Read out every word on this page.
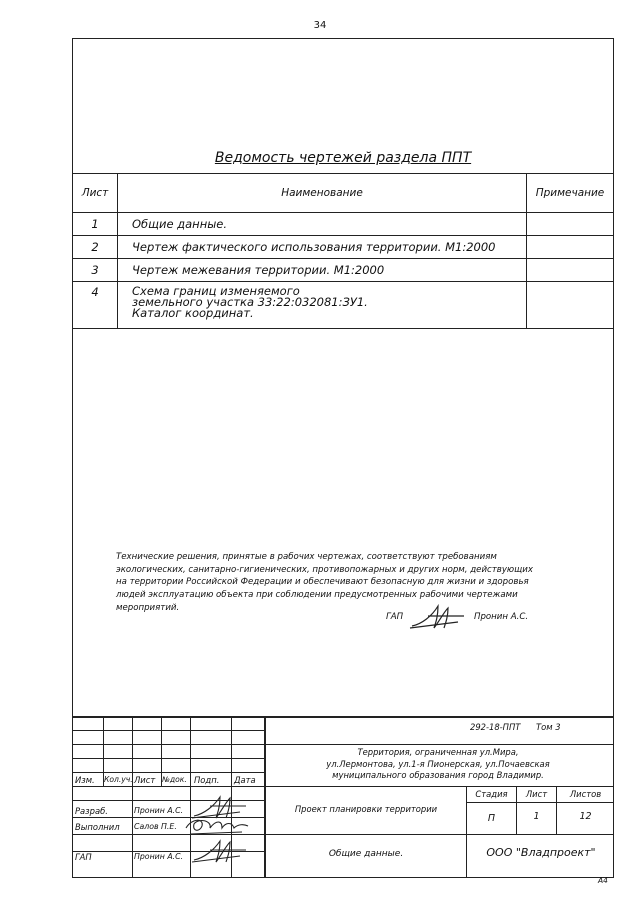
34
Ведомость чертежей раздела ППТ
Лист	Наименование	Примечание
1	Общие данные.	
2	Чертеж фактического использования территории. М1:2000	
3	Чертеж межевания территории. М1:2000	
4	Схема границ изменяемого
земельного участка 33:22:032081:ЗУ1.
Каталог координат.	

Технические решения, принятые в рабочих чертежах, соответствуют требованиям
экологических, санитарно-гигиенических, противопожарных и других норм, действующих
на территории Российской Федерации и обеспечивают безопасную для жизни и здоровья
людей эксплуатацию объекта при соблюдении предусмотренных рабочими чертежами
мероприятий.
ГАП	Пронин А.С.
292-18-ППТ Том 3
Территория, ограниченная ул.Мира,
ул.Лермонтова, ул.1-я Пионерская, ул.Почаевская
муниципального образования город Владимир.
Изм. Кол.уч. Лист №док. Подп. Дата
Разраб.	Пронин А.С.
Выполнил Салов П.Е.
ГАП	Пронин А.С.
Проект планировки территории
Стадия	Лист	Листов
П	1	12
Общие данные.	ООО "Владпроект"
А4
